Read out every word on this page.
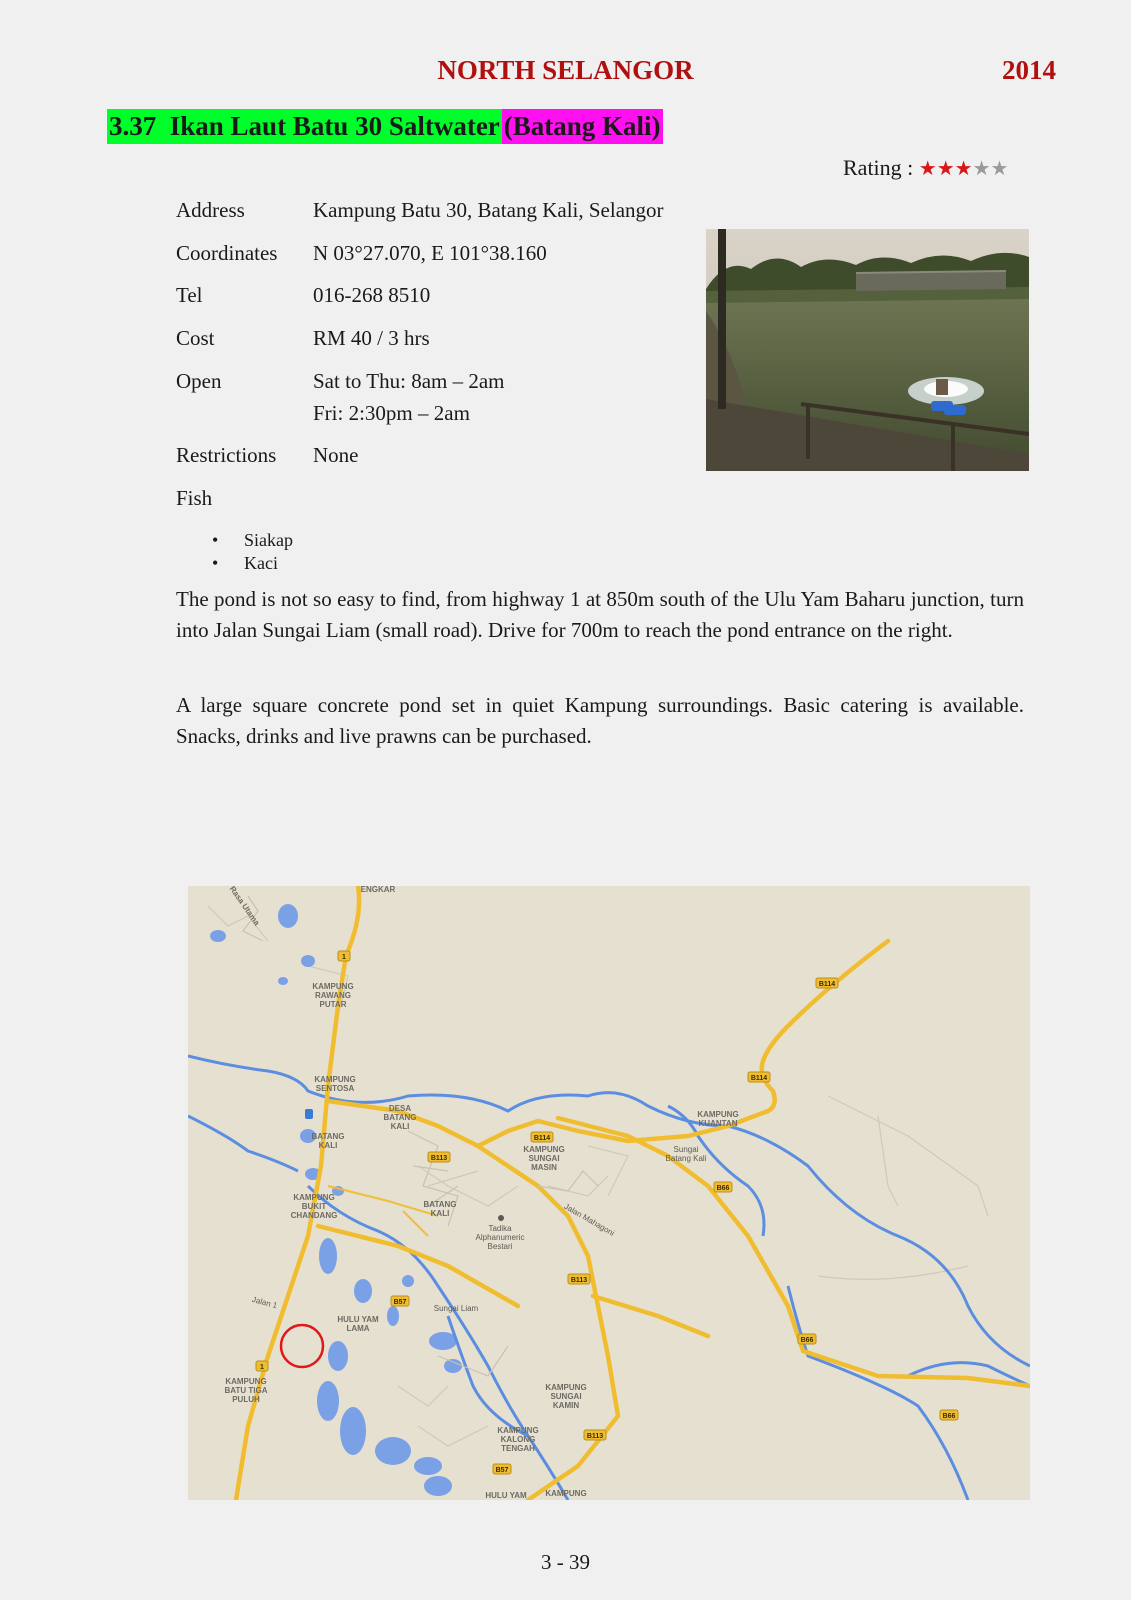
NORTH SELANGOR	2014
3.37 Ikan Laut Batu 30 Saltwater (Batang Kali)
Rating : ★★★★★
Address	Kampung Batu 30, Batang Kali, Selangor
Coordinates N 03°27.070, E 101°38.160
Tel	016-268 8510
Cost	RM 40 / 3 hrs
Open	Sat to Thu: 8am – 2am
Fri: 2:30pm – 2am
Restrictions None
Fish
• Siakap
• Kaci
The pond is not so easy to find, from highway 1 at 850m south of the Ulu Yam Baharu junction, turn into Jalan Sungai Liam (small road). Drive for 700m to reach the pond entrance on the right.
A large square concrete pond set in quiet Kampung surroundings. Basic catering is available. Snacks, drinks and live prawns can be purchased.
ENGKAR
KAMPUNG
RAWANG
PUTAR
KAMPUNG
SENTOSA
DESA
BATANG
KALI
BATANG
KALI
KAMPUNG
BUKIT
CHANDANG
BATANG
KALI
KAMPUNG
SUNGAI
MASIN
KAMPUNG
KUANTAN
HULU YAM
LAMA
KAMPUNG
BATU TIGA
PULUH
KAMPUNG
SUNGAI
KAMIN
KAMPUNG
KALONG
TENGAH
HULU YAM KAMPUNG
Tadika
Alphanumeric
Bestari
Jalan Mahagoni
Sungai
Batang Kali
Sungai Liam
Jalan 1
1
1
B114
B114
B114
B113
B113
B113
B66
B66
B66
B57
B57
3 - 39
